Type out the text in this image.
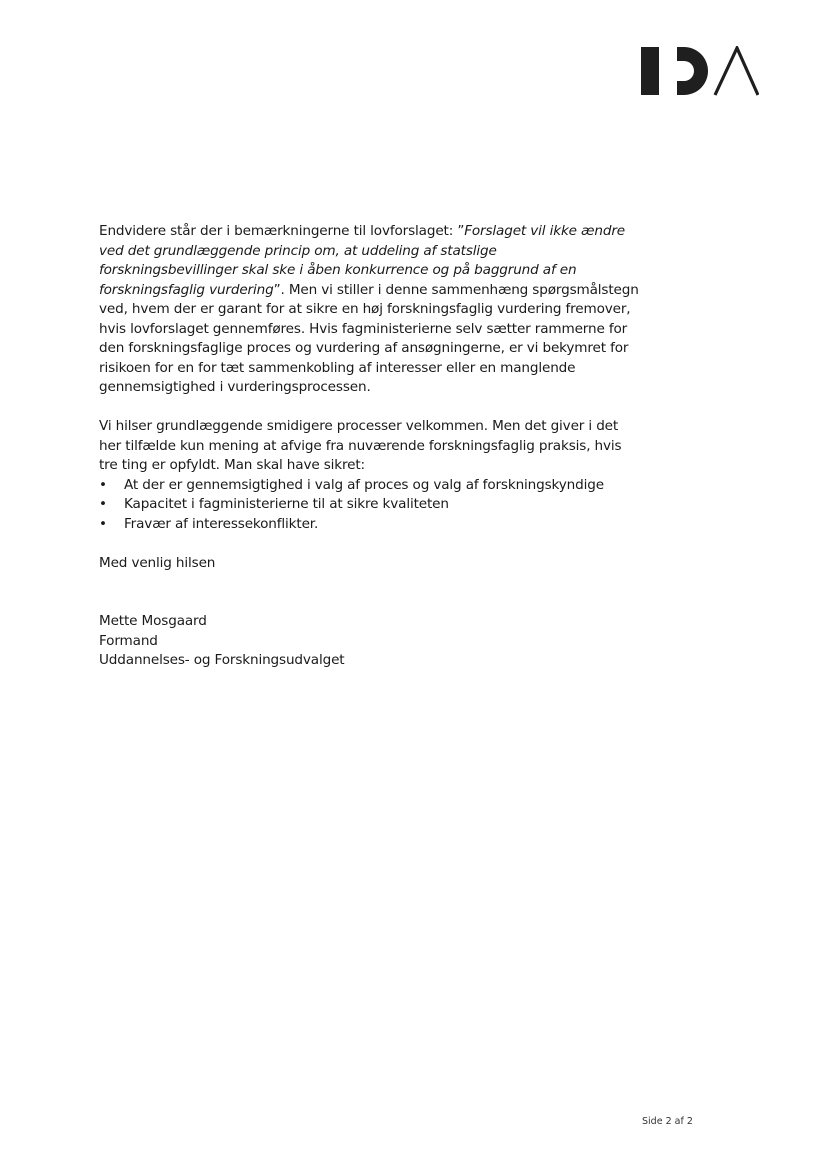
Endvidere står der i bemærkningerne til lovforslaget: ”Forslaget vil ikke ændre ved det grundlæggende princip om, at uddeling af statslige forskningsbevillinger skal ske i åben konkurrence og på baggrund af en forskningsfaglig vurdering”. Men vi stiller i denne sammenhæng spørgsmålstegn ved, hvem der er garant for at sikre en høj forskningsfaglig vurdering fremover, hvis lovforslaget gennemføres. Hvis fagministerierne selv sætter rammerne for den forskningsfaglige proces og vurdering af ansøgningerne, er vi bekymret for risikoen for en for tæt sammenkobling af interesser eller en manglende gennemsigtighed i vurderingsprocessen.

Vi hilser grundlæggende smidigere processer velkommen. Men det giver i det her tilfælde kun mening at afvige fra nuværende forskningsfaglig praksis, hvis tre ting er opfyldt. Man skal have sikret:

• At der er gennemsigtighed i valg af proces og valg af forskningskyndige
• Kapacitet i fagministerierne til at sikre kvaliteten
• Fravær af interessekonflikter.

Med venlig hilsen

Mette Mosgaard

Formand

Uddannelses- og Forskningsudvalget

Side 2 af 2
